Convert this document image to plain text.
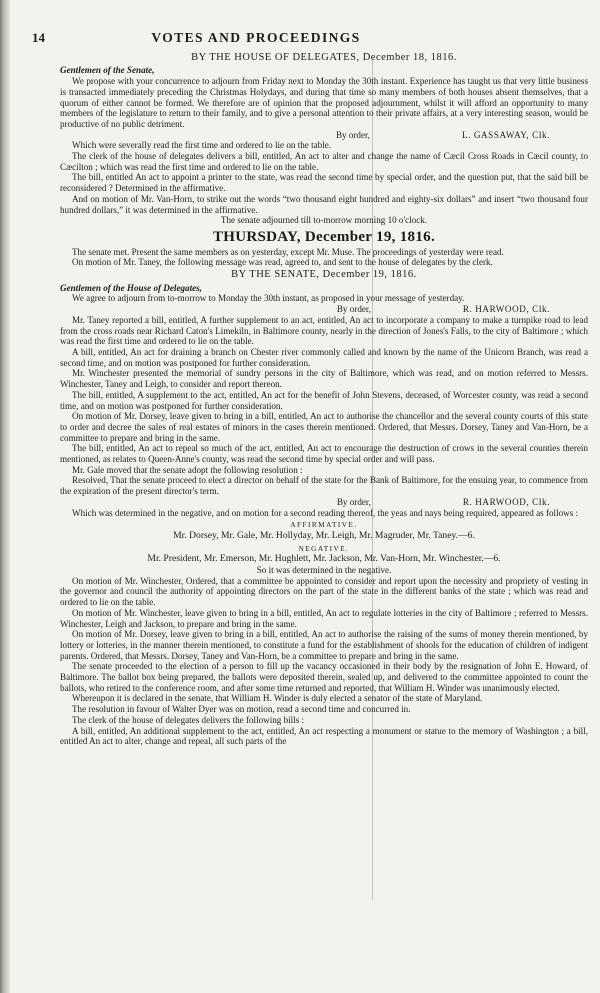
14	VOTES AND PROCEEDINGS
BY THE HOUSE OF DELEGATES, December 18, 1816.
Gentlemen of the Senate,

We propose with your concurrence to adjourn from Friday next to Monday the 30th instant. Experience has taught us that very little business is transacted immediately preceding the Christmas Holydays, and during that time so many members of both houses absent themselves, that a quorum of either cannot be formed. We therefore are of opinion that the proposed adjournment, whilst it will afford an opportunity to many members of the legislature to return to their family, and to give a personal attention to their private affairs, at a very interesting season, would be productive of no public detriment.

By order,	L. GASSAWAY, Clk.

Which were severally read the first time and ordered to lie on the table.

The clerk of the house of delegates delivers a bill, entitled, An act to alter and change the name of Cæcil Cross Roads in Cæcil county, to Cæcilton ; which was read the first time and ordered to lie on the table.

The bill, entitled An act to appoint a printer to the state, was read the second time by special order, and the question put, that the said bill be reconsidered ? Determined in the affirmative.

And on motion of Mr. Van-Horn, to strike out the words “two thousand eight hundred and eighty-six dollars” and insert “two thousand four hundred dollars,” it was determined in the affirmative.

The senate adjourned till to-morrow morning 10 o'clock.
THURSDAY, December 19, 1816.

The senate met. Present the same members as on yesterday, except Mr. Muse. The proceedings of yesterday were read.

On motion of Mr. Taney, the following message was read, agreed to, and sent to the house of delegates by the clerk.

BY THE SENATE, December 19, 1816.
Gentlemen of the House of Delegates,

We agree to adjourn from to-morrow to Monday the 30th instant, as proposed in your message of yesterday.

By order,	R. HARWOOD, Clk.

Mr. Taney reported a bill, entitled, A further supplement to an act, entitled, An act to incorporate a company to make a turnpike road to lead from the cross roads near Richard Caton's Limekiln, in Baltimore county, nearly in the direction of Jones's Falls, to the city of Baltimore ; which was read the first time and ordered to lie on the table.

A bill, entitled, An act for draining a branch on Chester river commonly called and known by the name of the Unicorn Branch, was read a second time, and on motion was postponed for further consideration.

Mr. Winchester presented the memorial of sundry persons in the city of Baltimore, which was read, and on motion referred to Messrs. Winchester, Taney and Leigh, to consider and report thereon.

The bill, entitled, A supplement to the act, entitled, An act for the benefit of John Stevens, deceased, of Worcester county, was read a second time, and on motion was postponed for further consideration.

On motion of Mr. Dorsey, leave given to bring in a bill, entitled, An act to authorise the chancellor and the several county courts of this state to order and decree the sales of real estates of minors in the cases therein mentioned. Ordered, that Messrs. Dorsey, Taney and Van-Horn, be a committee to prepare and bring in the same.

The bill, entitled, An act to repeal so much of the act, entitled, An act to encourage the destruction of crows in the several counties therein mentioned, as relates to Queen-Anne's county, was read the second time by special order and will pass.

Mr. Gale moved that the senate adopt the following resolution :

Resolved, That the senate proceed to elect a director on behalf of the state for the Bank of Baltimore, for the ensuing year, to commence from the expiration of the present director's term.

By order,	R. HARWOOD, Clk.

Which was determined in the negative, and on motion for a second reading thereof, the yeas and nays being required, appeared as follows :

AFFIRMATIVE.
Mr. Dorsey, Mr. Gale, Mr. Hollyday, Mr. Leigh, Mr. Magruder, Mr. Taney.—6.
NEGATIVE.
Mr. President, Mr. Emerson, Mr. Hughlett, Mr. Jackson, Mr. Van-Horn, Mr. Winchester.—6.
So it was determined in the negative.

On motion of Mr. Winchester, Ordered, that a committee be appointed to consider and report upon the necessity and propriety of vesting in the governor and council the authority of appointing directors on the part of the state in the different banks of the state ; which was read and ordered to lie on the table.

On motion of Mr. Winchester, leave given to bring in a bill, entitled, An act to regulate lotteries in the city of Baltimore ; referred to Messrs. Winchester, Leigh and Jackson, to prepare and bring in the same.

On motion of Mr. Dorsey, leave given to bring in a bill, entitled, An act to authorise the raising of the sums of money therein mentioned, by lottery or lotteries, in the manner therein mentioned, to constitute a fund for the establishment of shools for the education of children of indigent parents. Ordered, that Messrs. Dorsey, Taney and Van-Horn, be a committee to prepare and bring in the same.

The senate proceeded to the election of a person to fill up the vacancy occasioned in their body by the resignation of John E. Howard, of Baltimore. The ballot box being prepared, the ballots were deposited therein, sealed up, and delivered to the committee appointed to count the ballots, who retired to the conference room, and after some time returned and reported, that William H. Winder was unanimously elected.

Whereupon it is declared in the senate, that William H. Winder is duly elected a senator of the state of Maryland.

The resolution in favour of Walter Dyer was on motion, read a second time and concurred in.

The clerk of the house of delegates delivers the following bills :

A bill, entitled, An additional supplement to the act, entitled, An act respecting a monument or statue to the memory of Washington ; a bill, entitled An act to alter, change and repeal, all such parts of the
